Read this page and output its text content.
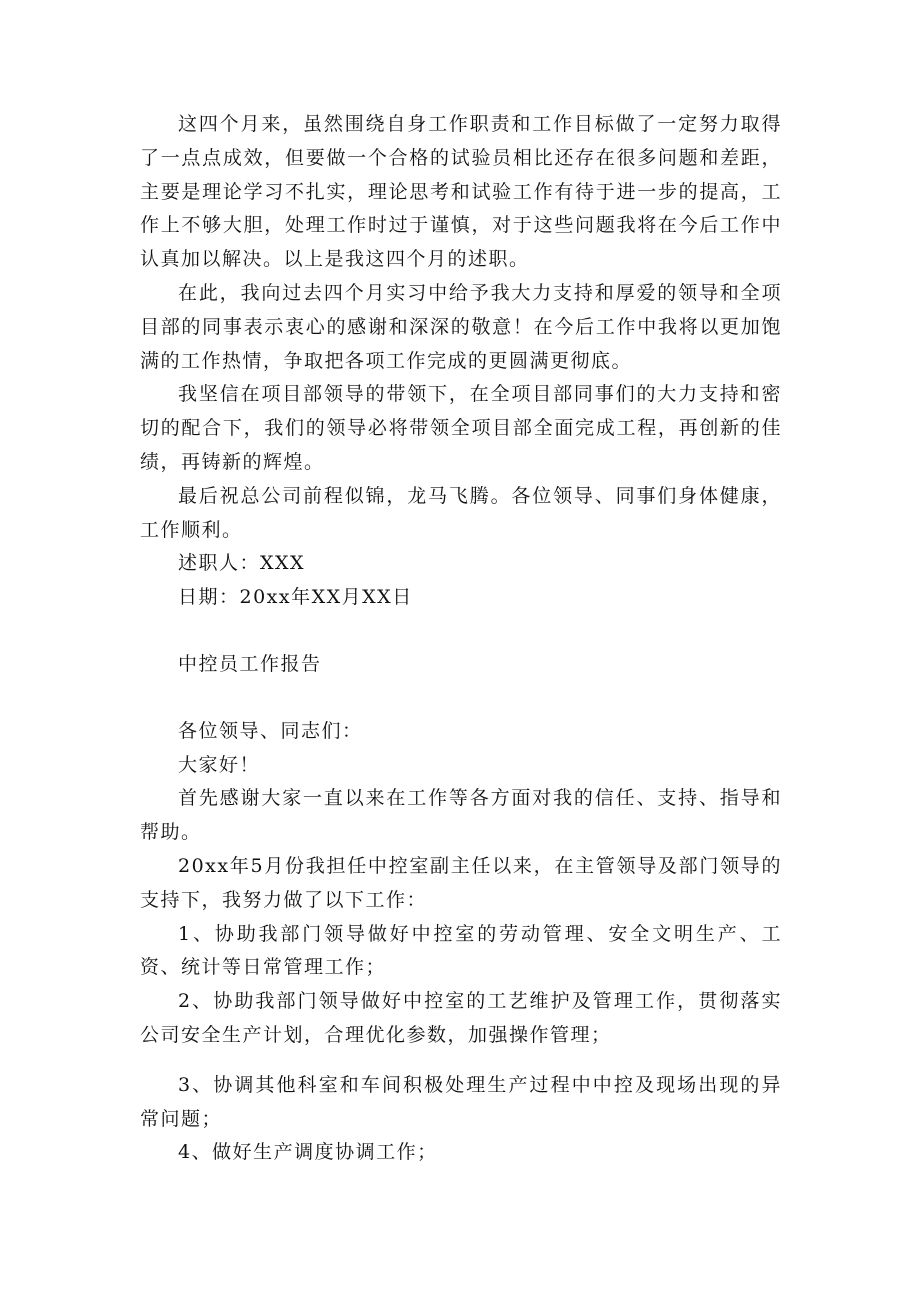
这四个月来，虽然围绕自身工作职责和工作目标做了一定努力取得了一点点成效，但要做一个合格的试验员相比还存在很多问题和差距，主要是理论学习不扎实，理论思考和试验工作有待于进一步的提高，工作上不够大胆，处理工作时过于谨慎，对于这些问题我将在今后工作中认真加以解决。以上是我这四个月的述职。

在此，我向过去四个月实习中给予我大力支持和厚爱的领导和全项目部的同事表示衷心的感谢和深深的敬意！在今后工作中我将以更加饱满的工作热情，争取把各项工作完成的更圆满更彻底。

我坚信在项目部领导的带领下，在全项目部同事们的大力支持和密切的配合下，我们的领导必将带领全项目部全面完成工程，再创新的佳绩，再铸新的辉煌。

最后祝总公司前程似锦，龙马飞腾。各位领导、同事们身体健康，工作顺利。

述职人：XXX

日期：20xx年XX月XX日

中控员工作报告

各位领导、同志们：

大家好！

首先感谢大家一直以来在工作等各方面对我的信任、支持、指导和帮助。

20xx年5月份我担任中控室副主任以来，在主管领导及部门领导的支持下，我努力做了以下工作：

1、协助我部门领导做好中控室的劳动管理、安全文明生产、工资、统计等日常管理工作；

2、协助我部门领导做好中控室的工艺维护及管理工作，贯彻落实公司安全生产计划，合理优化参数，加强操作管理；

3、协调其他科室和车间积极处理生产过程中中控及现场出现的异常问题；

4、做好生产调度协调工作；
